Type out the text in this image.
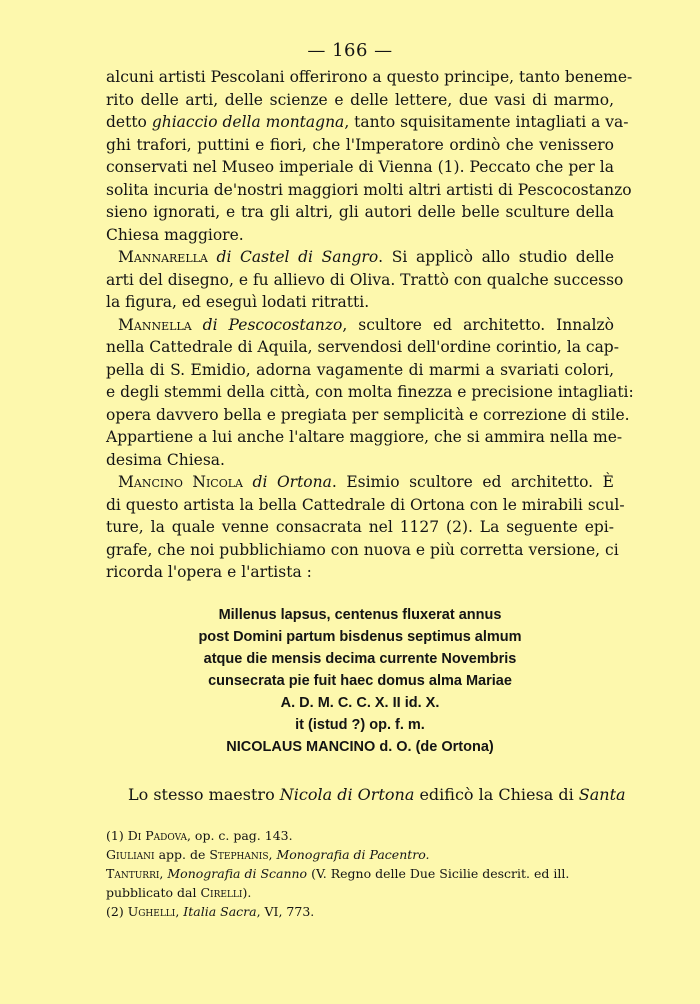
— 166 —
alcuni artisti Pescolani offerirono a questo principe, tanto beneme-
rito delle arti, delle scienze e delle lettere, due vasi di marmo,
detto ghiaccio della montagna, tanto squisitamente intagliati a va-
ghi trafori, puttini e fiori, che l'Imperatore ordinò che venissero
conservati nel Museo imperiale di Vienna (1). Peccato che per la
solita incuria de'nostri maggiori molti altri artisti di Pescocostanzo
sieno ignorati, e tra gli altri, gli autori delle belle sculture della
Chiesa maggiore.
Mannarella di Castel di Sangro. Si applicò allo studio delle
arti del disegno, e fu allievo di Oliva. Trattò con qualche successo
la figura, ed eseguì lodati ritratti.
Mannella di Pescocostanzo, scultore ed architetto. Innalzò
nella Cattedrale di Aquila, servendosi dell'ordine corintio, la cap-
pella di S. Emidio, adorna vagamente di marmi a svariati colori,
e degli stemmi della città, con molta finezza e precisione intagliati:
opera davvero bella e pregiata per semplicità e correzione di stile.
Appartiene a lui anche l'altare maggiore, che si ammira nella me-
desima Chiesa.
Mancino Nicola di Ortona. Esimio scultore ed architetto. È
di questo artista la bella Cattedrale di Ortona con le mirabili scul-
ture, la quale venne consacrata nel 1127 (2). La seguente epi-
grafe, che noi pubblichiamo con nuova e più corretta versione, ci
ricorda l'opera e l'artista :
Millenus lapsus, centenus fluxerat annus
post Domini partum bisdenus septimus almum
atque die mensis decima currente Novembris
cunsecrata pie fuit haec domus alma Mariae
A. D. M. C. C. X. II id. X.
it (istud ?) op. f. m.
NICOLAUS MANCINO d. O. (de Ortona)
Lo stesso maestro Nicola di Ortona edificò la Chiesa di Santa
(1) Di Padova, op. c. pag. 143.
Giuliani app. de Stephanis, Monografia di Pacentro.
Tanturri, Monografia di Scanno (V. Regno delle Due Sicilie descrit. ed ill.
pubblicato dal Cirelli).
(2) Ughelli, Italia Sacra, VI, 773.
